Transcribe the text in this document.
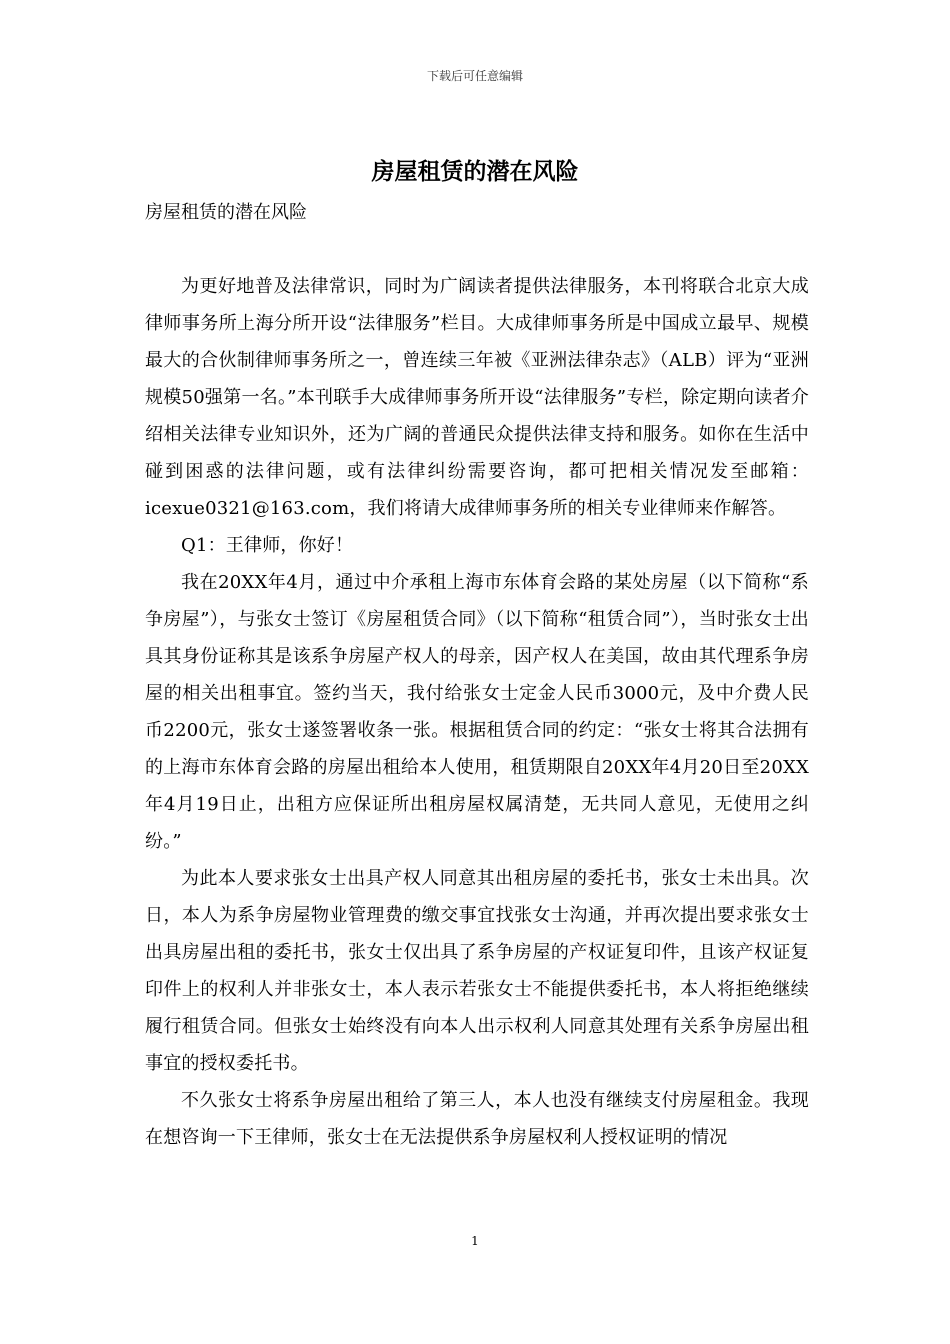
下载后可任意编辑
房屋租赁的潜在风险
房屋租赁的潜在风险

为更好地普及法律常识，同时为广阔读者提供法律服务，本刊将联合北京大成律师事务所上海分所开设“法律服务”栏目。大成律师事务所是中国成立最早、规模最大的合伙制律师事务所之一，曾连续三年被《亚洲法律杂志》（ALB）评为“亚洲规模50强第一名。”本刊联手大成律师事务所开设“法律服务”专栏，除定期向读者介绍相关法律专业知识外，还为广阔的普通民众提供法律支持和服务。如你在生活中碰到困惑的法律问题，或有法律纠纷需要咨询，都可把相关情况发至邮箱：icexue0321@163.com，我们将请大成律师事务所的相关专业律师来作解答。

Q1：王律师，你好！

我在20XX年4月，通过中介承租上海市东体育会路的某处房屋（以下简称“系争房屋”），与张女士签订《房屋租赁合同》（以下简称“租赁合同”），当时张女士出具其身份证称其是该系争房屋产权人的母亲，因产权人在美国，故由其代理系争房屋的相关出租事宜。签约当天，我付给张女士定金人民币3000元，及中介费人民币2200元，张女士遂签署收条一张。根据租赁合同的约定：“张女士将其合法拥有的上海市东体育会路的房屋出租给本人使用，租赁期限自20XX年4月20日至20XX年4月19日止，出租方应保证所出租房屋权属清楚，无共同人意见，无使用之纠纷。”

为此本人要求张女士出具产权人同意其出租房屋的委托书，张女士未出具。次日，本人为系争房屋物业管理费的缴交事宜找张女士沟通，并再次提出要求张女士出具房屋出租的委托书，张女士仅出具了系争房屋的产权证复印件，且该产权证复印件上的权利人并非张女士，本人表示若张女士不能提供委托书，本人将拒绝继续履行租赁合同。但张女士始终没有向本人出示权利人同意其处理有关系争房屋出租事宜的授权委托书。

不久张女士将系争房屋出租给了第三人，本人也没有继续支付房屋租金。我现在想咨询一下王律师，张女士在无法提供系争房屋权利人授权证明的情况

1
